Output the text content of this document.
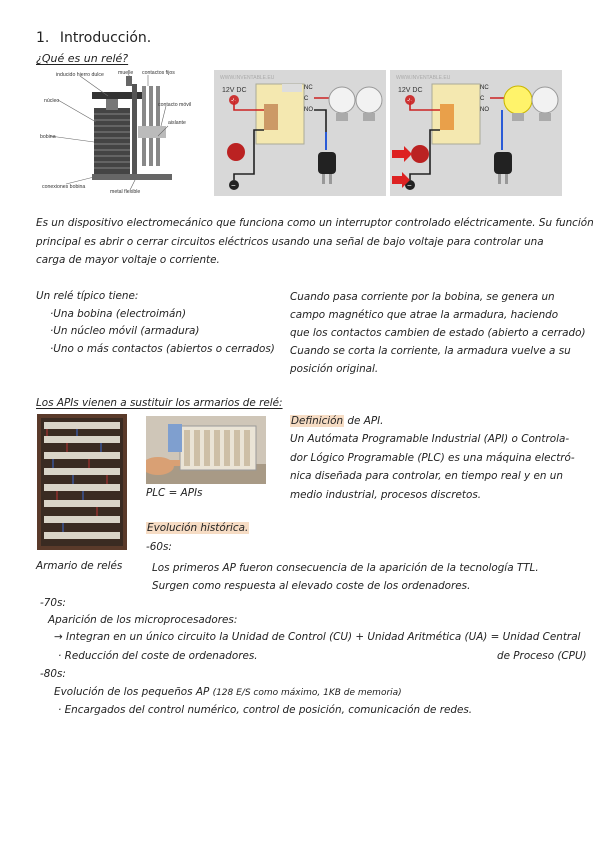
1. Introducción.
¿Qué es un relé?
inducido hierro dulce	muelle contactos fijos
núcleo
contacto móvil
bobina
aislante
conexiones bobina
metal flexible
WWW.INVENTABLE.EU
12V DC
+
−
NC
C
NO
WWW.INVENTABLE.EU
12V DC
+
−
NC
C
NO
Es un dispositivo electromecánico que funciona como un interruptor controlado eléctricamente. Su función
principal es abrir o cerrar circuitos eléctricos usando una señal de bajo voltaje para controlar una
carga de mayor voltaje o corriente.
Un relé típico tiene:
·Una bobina (electroimán)
·Un núcleo móvil (armadura)
·Uno o más contactos (abiertos o cerrados)
Cuando pasa corriente por la bobina, se genera un
campo magnético que atrae la armadura, haciendo
que los contactos cambien de estado (abierto a cerrado)
Cuando se corta la corriente, la armadura vuelve a su
posición original.
Los APIs vienen a sustituir los armarios de relé:
PLC = APIs
Armario de relés
Definición de API.
Un Autómata Programable Industrial (API) o Controla-
dor Lógico Programable (PLC) es una máquina electró-
nica diseñada para controlar, en tiempo real y en un
medio industrial, procesos discretos.
Evolución histórica.
-60s:
Los primeros AP fueron consecuencia de la aparición de la tecnología TTL.
Surgen como respuesta al elevado coste de los ordenadores.
-70s:
Aparición de los microprocesadores:
→ Integran en un único circuito la Unidad de Control (CU) + Unidad Aritmética (UA) = Unidad Central
de Proceso (CPU)
· Reducción del coste de ordenadores.
-80s:
Evolución de los pequeños AP (128 E/S como máximo, 1KB de memoria)
· Encargados del control numérico, control de posición, comunicación de redes.
